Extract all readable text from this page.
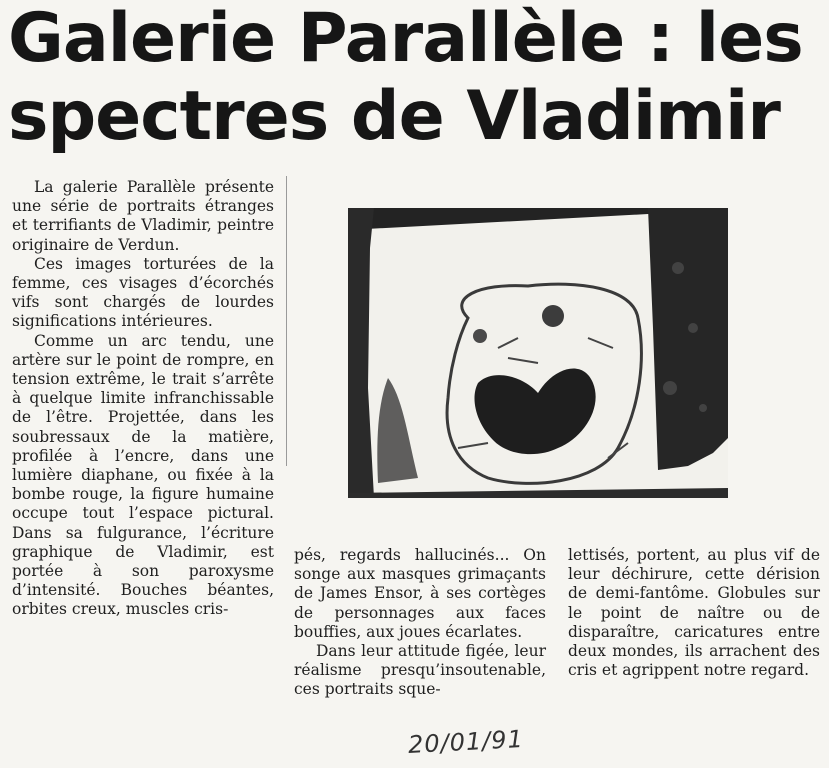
Galerie Parallèle : les
spectres de Vladimir

La galerie Parallèle présente une série de portraits étranges et terrifiants de Vladimir, peintre originaire de Verdun.

Ces images torturées de la femme, ces visages d’écorchés vifs sont chargés de lourdes significations intérieures.

Comme un arc tendu, une artère sur le point de rompre, en tension extrême, le trait s’arrête à quelque limite infranchissable de l’être. Projettée, dans les soubressaux de la matière, profilée à l’encre, dans une lumière diaphane, ou fixée à la bombe rouge, la figure humaine occupe tout l’espace pictural. Dans sa fulgurance, l’écriture graphique de Vladimir, est portée à son paroxysme d’intensité. Bouches béantes, orbites creux, muscles cris-

pés, regards hallucinés... On songe aux masques grimaçants de James Ensor, à ses cortèges de personnages aux faces bouffies, aux joues écarlates.

Dans leur attitude figée, leur réalisme presqu’insoutenable, ces portraits sque-

lettisés, portent, au plus vif de leur déchirure, cette dérision de demi-fantôme. Globules sur le point de naître ou de disparaître, caricatures entre deux mondes, ils arrachent des cris et agrippent notre regard.

20/01/91
